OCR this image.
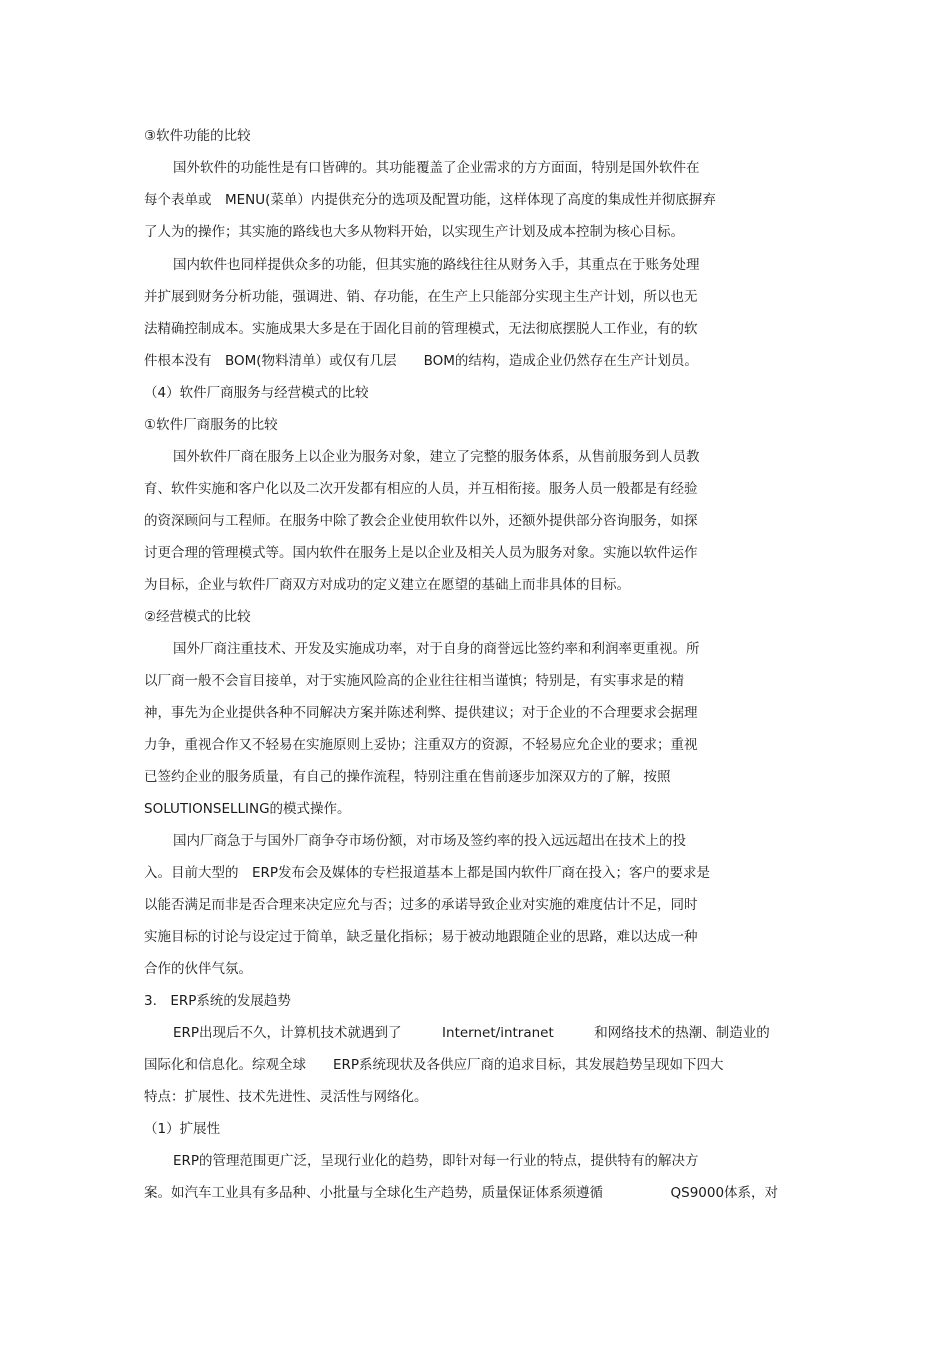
③软件功能的比较
国外软件的功能性是有口皆碑的。其功能覆盖了企业需求的方方面面，特别是国外软件在
每个表单或　MENU(菜单）内提供充分的选项及配置功能，这样体现了高度的集成性并彻底摒弃
了人为的操作；其实施的路线也大多从物料开始，以实现生产计划及成本控制为核心目标。
国内软件也同样提供众多的功能，但其实施的路线往往从财务入手，其重点在于账务处理
并扩展到财务分析功能，强调进、销、存功能，在生产上只能部分实现主生产计划，所以也无
法精确控制成本。实施成果大多是在于固化目前的管理模式，无法彻底摆脱人工作业，有的软
件根本没有　BOM(物料清单）或仅有几层　　BOM的结构，造成企业仍然存在生产计划员。
（4）软件厂商服务与经营模式的比较
①软件厂商服务的比较
国外软件厂商在服务上以企业为服务对象，建立了完整的服务体系，从售前服务到人员教
育、软件实施和客户化以及二次开发都有相应的人员，并互相衔接。服务人员一般都是有经验
的资深顾问与工程师。在服务中除了教会企业使用软件以外，还额外提供部分咨询服务，如探
讨更合理的管理模式等。国内软件在服务上是以企业及相关人员为服务对象。实施以软件运作
为目标，企业与软件厂商双方对成功的定义建立在愿望的基础上而非具体的目标。
②经营模式的比较
国外厂商注重技术、开发及实施成功率，对于自身的商誉远比签约率和利润率更重视。所
以厂商一般不会盲目接单，对于实施风险高的企业往往相当谨慎；特别是，有实事求是的精
神，事先为企业提供各种不同解决方案并陈述利弊、提供建议；对于企业的不合理要求会据理
力争，重视合作又不轻易在实施原则上妥协；注重双方的资源，不轻易应允企业的要求；重视
已签约企业的服务质量，有自己的操作流程，特别注重在售前逐步加深双方的了解，按照
SOLUTIONSELLING的模式操作。
国内厂商急于与国外厂商争夺市场份额，对市场及签约率的投入远远超出在技术上的投
入。目前大型的　ERP发布会及媒体的专栏报道基本上都是国内软件厂商在投入；客户的要求是
以能否满足而非是否合理来决定应允与否；过多的承诺导致企业对实施的难度估计不足，同时
实施目标的讨论与设定过于简单，缺乏量化指标；易于被动地跟随企业的思路，难以达成一种
合作的伙伴气氛。
3.　ERP系统的发展趋势
ERP出现后不久，计算机技术就遇到了　　　Internet/intranet　　　和网络技术的热潮、制造业的
国际化和信息化。综观全球　　ERP系统现状及各供应厂商的追求目标，其发展趋势呈现如下四大
特点：扩展性、技术先进性、灵活性与网络化。
（1）扩展性
ERP的管理范围更广泛，呈现行业化的趋势，即针对每一行业的特点，提供特有的解决方
案。如汽车工业具有多品种、小批量与全球化生产趋势，质量保证体系须遵循　　　　　QS9000体系，对
